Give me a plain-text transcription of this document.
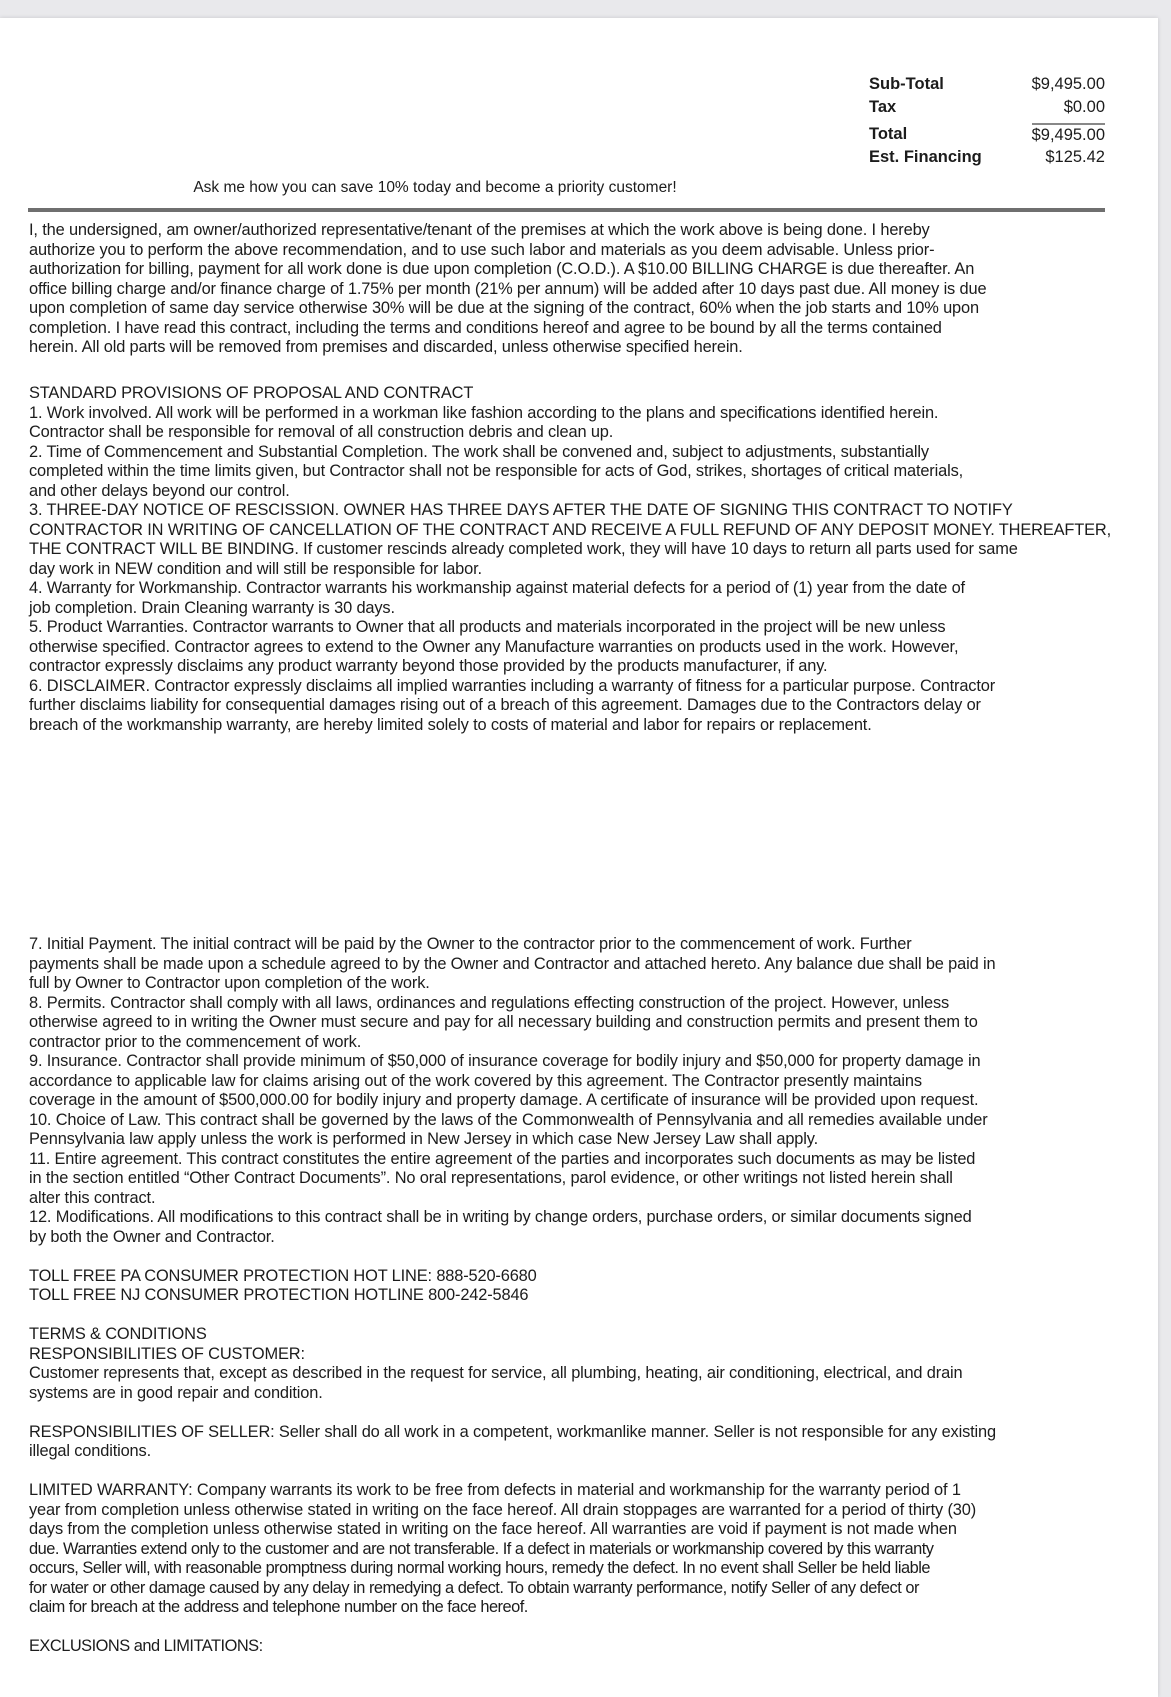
Sub-Total	$9,495.00
Tax	$0.00
Total	$9,495.00
Est. Financing	$125.42
Ask me how you can save 10% today and become a priority customer!

I, the undersigned, am owner/authorized representative/tenant of the premises at which the work above is being done. I hereby

authorize you to perform the above recommendation, and to use such labor and materials as you deem advisable. Unless prior-

authorization for billing, payment for all work done is due upon completion (C.O.D.). A $10.00 BILLING CHARGE is due thereafter. An

office billing charge and/or finance charge of 1.75% per month (21% per annum) will be added after 10 days past due. All money is due

upon completion of same day service otherwise 30% will be due at the signing of the contract, 60% when the job starts and 10% upon

completion. I have read this contract, including the terms and conditions hereof and agree to be bound by all the terms contained

herein. All old parts will be removed from premises and discarded, unless otherwise specified herein.

STANDARD PROVISIONS OF PROPOSAL AND CONTRACT

1. Work involved. All work will be performed in a workman like fashion according to the plans and specifications identified herein.

Contractor shall be responsible for removal of all construction debris and clean up.

2. Time of Commencement and Substantial Completion. The work shall be convened and, subject to adjustments, substantially

completed within the time limits given, but Contractor shall not be responsible for acts of God, strikes, shortages of critical materials,

and other delays beyond our control.

3. THREE-DAY NOTICE OF RESCISSION. OWNER HAS THREE DAYS AFTER THE DATE OF SIGNING THIS CONTRACT TO NOTIFY

CONTRACTOR IN WRITING OF CANCELLATION OF THE CONTRACT AND RECEIVE A FULL REFUND OF ANY DEPOSIT MONEY. THEREAFTER,

THE CONTRACT WILL BE BINDING. If customer rescinds already completed work, they will have 10 days to return all parts used for same

day work in NEW condition and will still be responsible for labor.

4. Warranty for Workmanship. Contractor warrants his workmanship against material defects for a period of (1) year from the date of

job completion. Drain Cleaning warranty is 30 days.

5. Product Warranties. Contractor warrants to Owner that all products and materials incorporated in the project will be new unless

otherwise specified. Contractor agrees to extend to the Owner any Manufacture warranties on products used in the work. However,

contractor expressly disclaims any product warranty beyond those provided by the products manufacturer, if any.

6. DISCLAIMER. Contractor expressly disclaims all implied warranties including a warranty of fitness for a particular purpose. Contractor

further disclaims liability for consequential damages rising out of a breach of this agreement. Damages due to the Contractors delay or

breach of the workmanship warranty, are hereby limited solely to costs of material and labor for repairs or replacement.

7. Initial Payment. The initial contract will be paid by the Owner to the contractor prior to the commencement of work. Further

payments shall be made upon a schedule agreed to by the Owner and Contractor and attached hereto. Any balance due shall be paid in

full by Owner to Contractor upon completion of the work.

8. Permits. Contractor shall comply with all laws, ordinances and regulations effecting construction of the project. However, unless

otherwise agreed to in writing the Owner must secure and pay for all necessary building and construction permits and present them to

contractor prior to the commencement of work.

9. Insurance. Contractor shall provide minimum of $50,000 of insurance coverage for bodily injury and $50,000 for property damage in

accordance to applicable law for claims arising out of the work covered by this agreement. The Contractor presently maintains

coverage in the amount of $500,000.00 for bodily injury and property damage. A certificate of insurance will be provided upon request.

10. Choice of Law. This contract shall be governed by the laws of the Commonwealth of Pennsylvania and all remedies available under

Pennsylvania law apply unless the work is performed in New Jersey in which case New Jersey Law shall apply.

11. Entire agreement. This contract constitutes the entire agreement of the parties and incorporates such documents as may be listed

in the section entitled “Other Contract Documents”. No oral representations, parol evidence, or other writings not listed herein shall

alter this contract.

12. Modifications. All modifications to this contract shall be in writing by change orders, purchase orders, or similar documents signed

by both the Owner and Contractor.

TOLL FREE PA CONSUMER PROTECTION HOT LINE: 888-520-6680

TOLL FREE NJ CONSUMER PROTECTION HOTLINE 800-242-5846

TERMS & CONDITIONS

RESPONSIBILITIES OF CUSTOMER:

Customer represents that, except as described in the request for service, all plumbing, heating, air conditioning, electrical, and drain

systems are in good repair and condition.

RESPONSIBILITIES OF SELLER: Seller shall do all work in a competent, workmanlike manner. Seller is not responsible for any existing

illegal conditions.

LIMITED WARRANTY: Company warrants its work to be free from defects in material and workmanship for the warranty period of 1

year from completion unless otherwise stated in writing on the face hereof. All drain stoppages are warranted for a period of thirty (30)

days from the completion unless otherwise stated in writing on the face hereof. All warranties are void if payment is not made when

due. Warranties extend only to the customer and are not transferable. If a defect in materials or workmanship covered by this warranty

occurs, Seller will, with reasonable promptness during normal working hours, remedy the defect. In no event shall Seller be held liable

for water or other damage caused by any delay in remedying a defect. To obtain warranty performance, notify Seller of any defect or

claim for breach at the address and telephone number on the face hereof.

EXCLUSIONS and LIMITATIONS:
